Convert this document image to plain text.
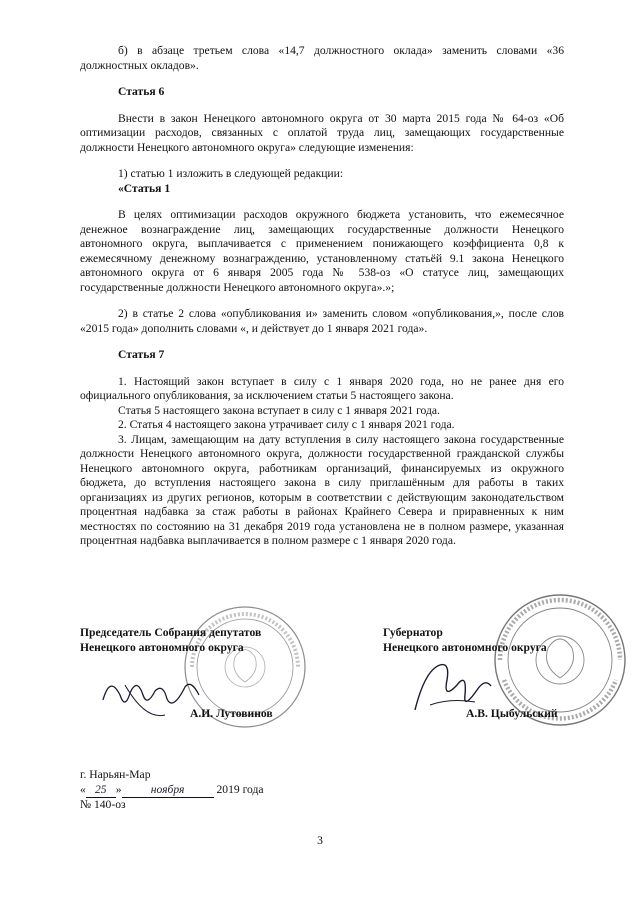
б) в абзаце третьем слова «14,7 должностного оклада» заменить словами «36 должностных окладов».

Статья 6

Внести в закон Ненецкого автономного округа от 30 марта 2015 года № 64-оз «Об оптимизации расходов, связанных с оплатой труда лиц, замещающих государственные должности Ненецкого автономного округа» следующие изменения:

1) статью 1 изложить в следующей редакции:

«Статья 1

В целях оптимизации расходов окружного бюджета установить, что ежемесячное денежное вознаграждение лиц, замещающих государственные должности Ненецкого автономного округа, выплачивается с применением понижающего коэффициента 0,8 к ежемесячному денежному вознаграждению, установленному статьёй 9.1 закона Ненецкого автономного округа от 6 января 2005 года № 538-оз «О статусе лиц, замещающих государственные должности Ненецкого автономного округа».»;

2) в статье 2 слова «опубликования и» заменить словом «опубликования,», после слов «2015 года» дополнить словами «, и действует до 1 января 2021 года».

Статья 7

1. Настоящий закон вступает в силу с 1 января 2020 года, но не ранее дня его официального опубликования, за исключением статьи 5 настоящего закона.

Статья 5 настоящего закона вступает в силу с 1 января 2021 года.

2. Статья 4 настоящего закона утрачивает силу с 1 января 2021 года.

3. Лицам, замещающим на дату вступления в силу настоящего закона государственные должности Ненецкого автономного округа, должности государственной гражданской службы Ненецкого автономного округа, работникам организаций, финансируемых из окружного бюджета, до вступления настоящего закона в силу приглашённым для работы в таких организациях из других регионов, которым в соответствии с действующим законодательством процентная надбавка за стаж работы в районах Крайнего Севера и приравненных к ним местностях по состоянию на 31 декабря 2019 года установлена не в полном размере, указанная процентная надбавка выплачивается в полном размере с 1 января 2020 года.

Председатель Собрания депутатов
Ненецкого автономного округа
Губернатор
Ненецкого автономного округа
А.И. Лутовинов	А.В. Цыбульский
г. Нарьян-Мар
« 25 »	ноября	2019 года
№ 140-оз
3
